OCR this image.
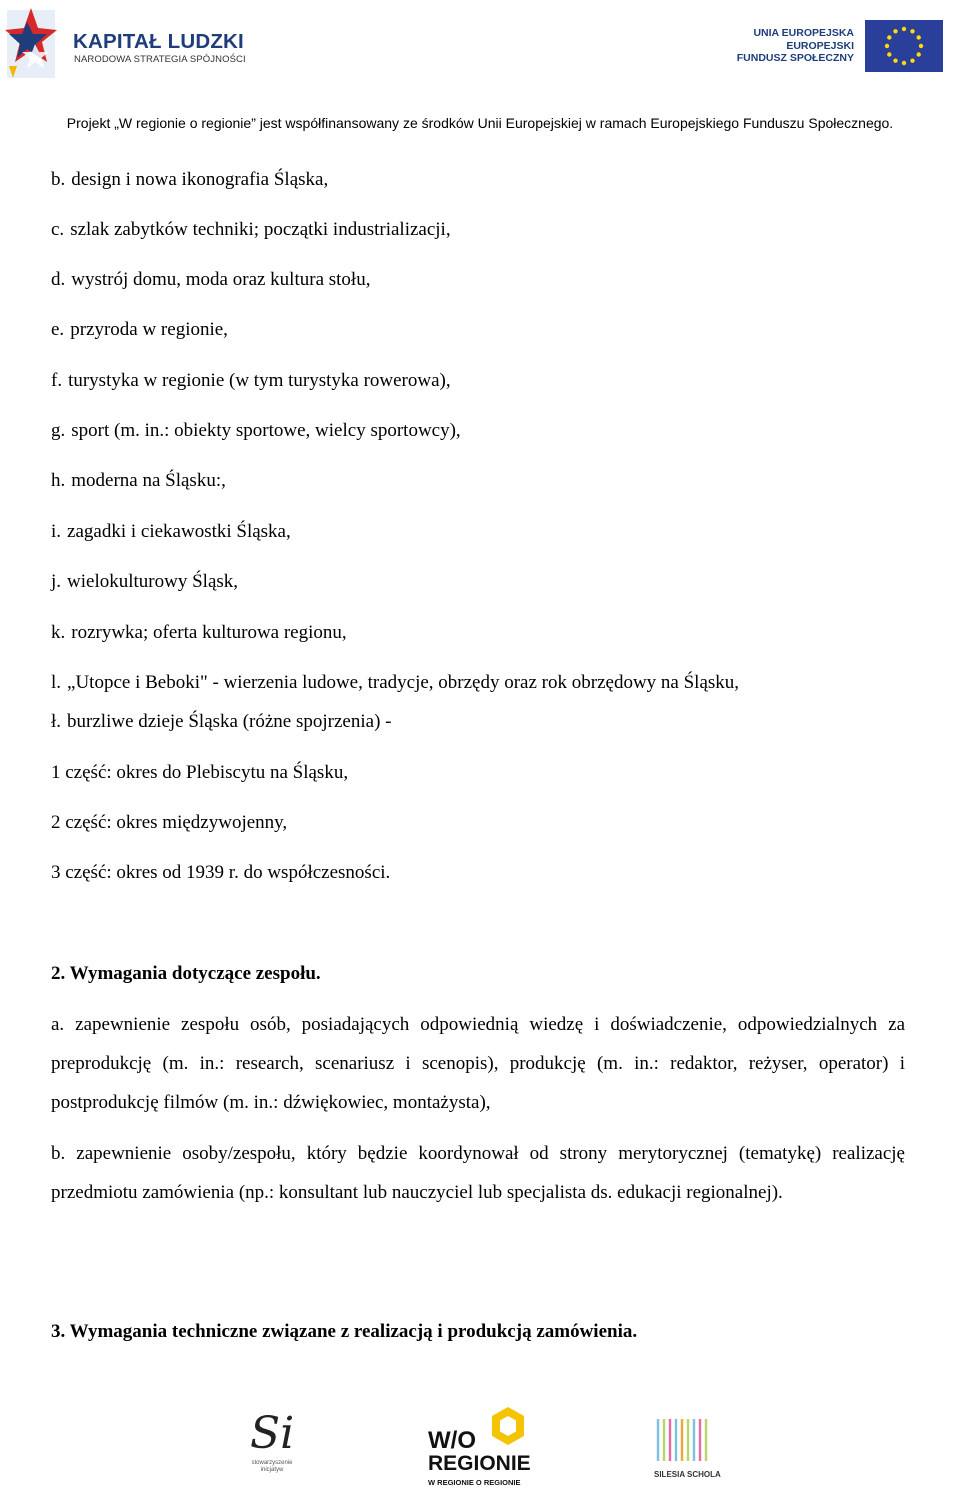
KAPITAŁ LUDZKI
NARODOWA STRATEGIA SPÓJNOŚCI
UNIA EUROPEJSKA
EUROPEJSKI
FUNDUSZ SPOŁECZNY
Projekt „W regionie o regionie” jest współfinansowany ze środków Unii Europejskiej w ramach Europejskiego Funduszu Społecznego.
b. design i nowa ikonografia Śląska,
c. szlak zabytków techniki; początki industrializacji,
d. wystrój domu, moda oraz kultura stołu,
e. przyroda w regionie,
f. turystyka w regionie (w tym turystyka rowerowa),
g. sport (m. in.: obiekty sportowe, wielcy sportowcy),
h. moderna na Śląsku:,
i. zagadki i ciekawostki Śląska,
j. wielokulturowy Śląsk,
k. rozrywka; oferta kulturowa regionu,
l. „Utopce i Beboki" - wierzenia ludowe, tradycje, obrzędy oraz rok obrzędowy na Śląsku,
ł. burzliwe dzieje Śląska (różne spojrzenia) -
1 część: okres do Plebiscytu na Śląsku,
2 część: okres międzywojenny,
3 część: okres od 1939 r. do współczesności.
2. Wymagania dotyczące zespołu.
a. zapewnienie zespołu osób, posiadających odpowiednią wiedzę i doświadczenie, odpowiedzialnych za preprodukcję (m. in.: research, scenariusz i scenopis), produkcję (m. in.: redaktor, reżyser, operator) i postprodukcję filmów (m. in.: dźwiękowiec, montażysta),
b. zapewnienie osoby/zespołu, który będzie koordynował od strony merytorycznej (tematykę) realizację przedmiotu zamówienia (np.: konsultant lub nauczyciel lub specjalista ds. edukacji regionalnej).
3. Wymagania techniczne związane z realizacją i produkcją zamówienia.
Si
stowarzyszenie inicjatyw
W/O
REGIONIE
W REGIONIE O REGIONIE
SILESIA SCHOLA
